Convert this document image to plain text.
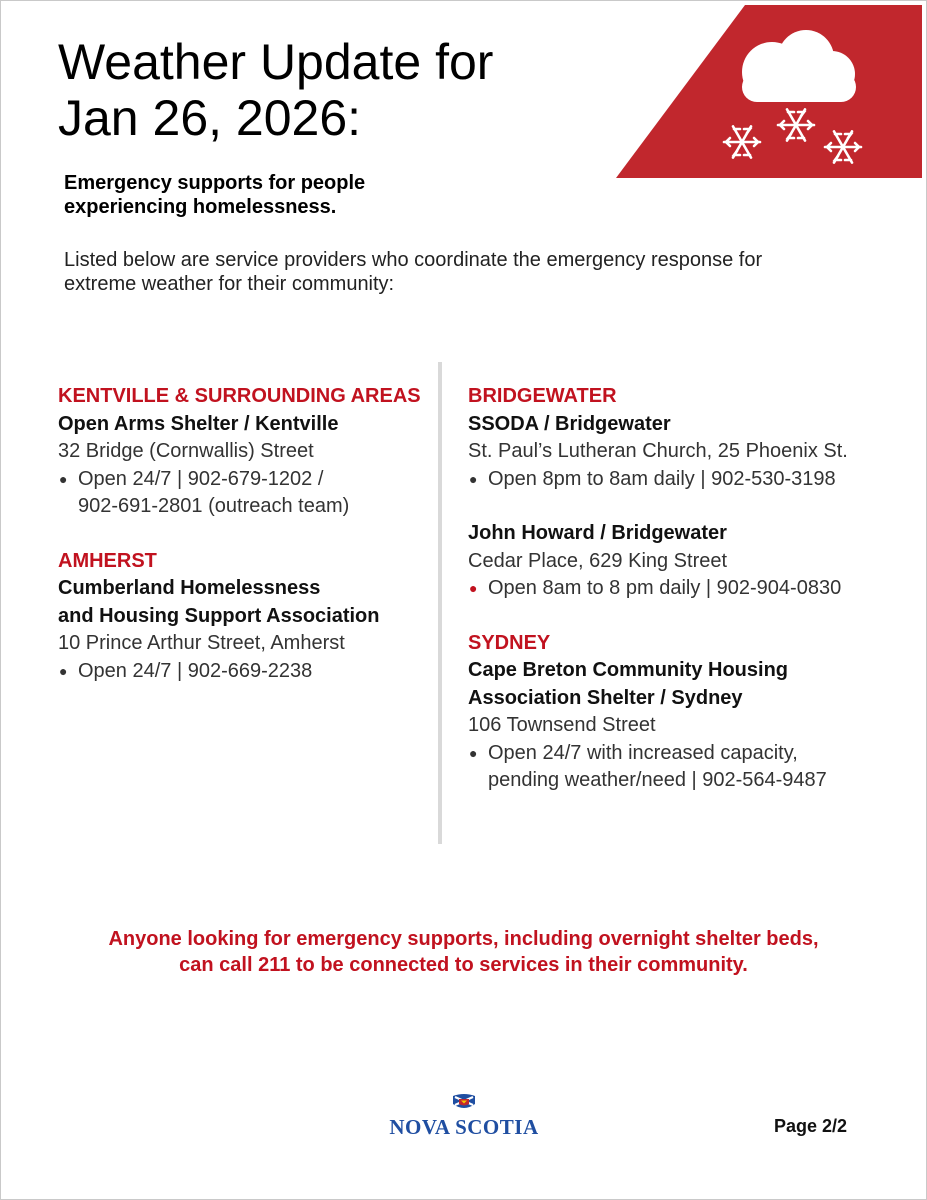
Weather Update for
Jan 26, 2026:

Emergency supports for people
experiencing homelessness.

Listed below are service providers who coordinate the emergency response for
extreme weather for their community:

KENTVILLE & SURROUNDING AREAS
Open Arms Shelter / Kentville
32 Bridge (Cornwallis) Street
● Open 24/7 | 902-679-1202 /
902-691-2801 (outreach team)
AMHERST
Cumberland Homelessness
and Housing Support Association
10 Prince Arthur Street, Amherst
● Open 24/7 | 902-669-2238
BRIDGEWATER
SSODA / Bridgewater
St. Paul’s Lutheran Church, 25 Phoenix St.
● Open 8pm to 8am daily | 902-530-3198
John Howard / Bridgewater
Cedar Place, 629 King Street
● Open 8am to 8 pm daily | 902-904-0830
SYDNEY
Cape Breton Community Housing
Association Shelter / Sydney
106 Townsend Street
● Open 24/7 with increased capacity,
pending weather/need | 902-564-9487

Anyone looking for emergency supports, including overnight shelter beds,
can call 211 to be connected to services in their community.

NOVA SCOTIA	Page 2/2
